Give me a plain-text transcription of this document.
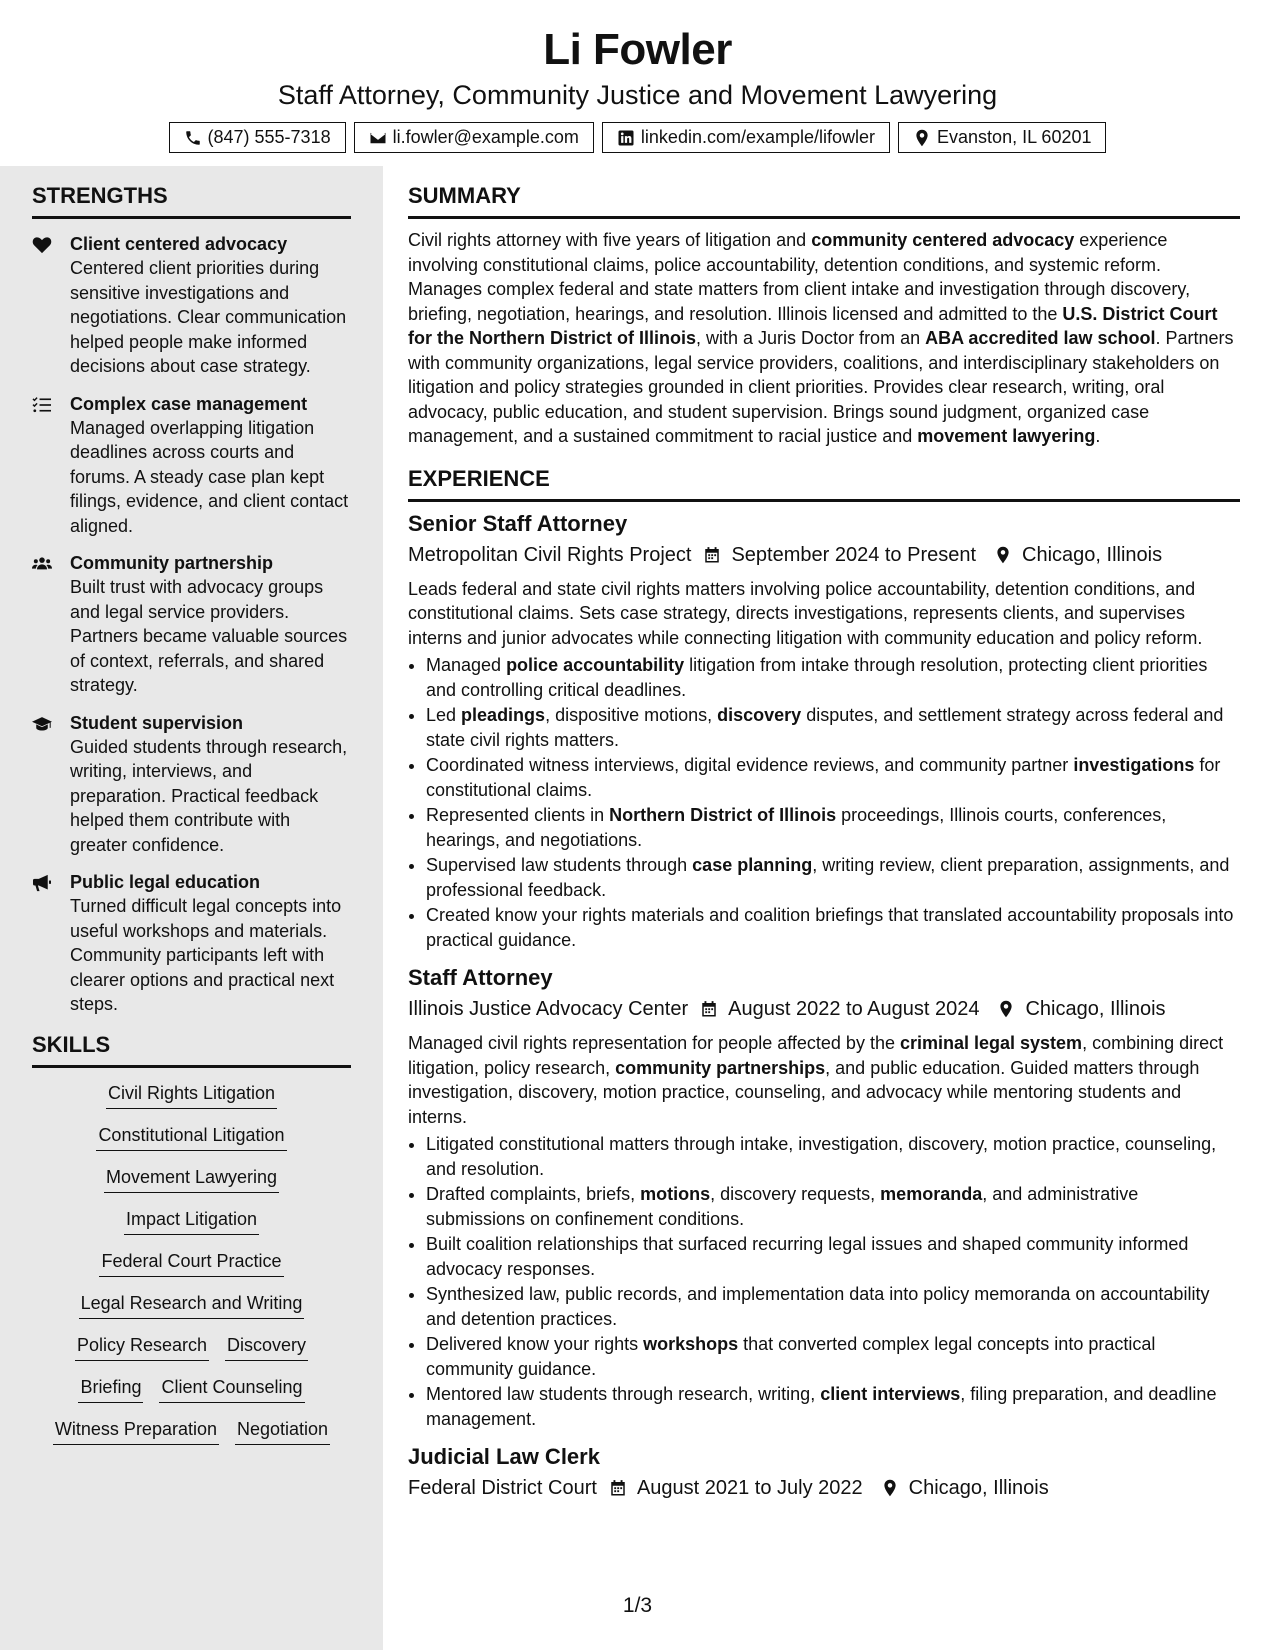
Li Fowler
Staff Attorney, Community Justice and Movement Lawyering
(847) 555-7318	li.fowler@example.com	linkedin.com/example/lifowler	Evanston, IL 60201
STRENGTHS
Client centered advocacy
Centered client priorities during sensitive investigations and negotiations. Clear communication helped people make informed decisions about case strategy.
Complex case management
Managed overlapping litigation deadlines across courts and forums. A steady case plan kept filings, evidence, and client contact aligned.
Community partnership
Built trust with advocacy groups and legal service providers. Partners became valuable sources of context, referrals, and shared strategy.
Student supervision
Guided students through research, writing, interviews, and preparation. Practical feedback helped them contribute with greater confidence.
Public legal education
Turned difficult legal concepts into useful workshops and materials. Community participants left with clearer options and practical next steps.
SKILLS
Civil Rights Litigation
Constitutional Litigation
Movement Lawyering
Impact Litigation
Federal Court Practice
Legal Research and Writing
Policy Research Discovery
Briefing Client Counseling
Witness Preparation Negotiation
SUMMARY

Civil rights attorney with five years of litigation and community centered advocacy experience involving constitutional claims, police accountability, detention conditions, and systemic reform. Manages complex federal and state matters from client intake and investigation through discovery, briefing, negotiation, hearings, and resolution. Illinois licensed and admitted to the U.S. District Court for the Northern District of Illinois, with a Juris Doctor from an ABA accredited law school. Partners with community organizations, legal service providers, coalitions, and interdisciplinary stakeholders on litigation and policy strategies grounded in client priorities. Provides clear research, writing, oral advocacy, public education, and student supervision. Brings sound judgment, organized case management, and a sustained commitment to racial justice and movement lawyering.

EXPERIENCE
Senior Staff Attorney
Metropolitan Civil Rights Project September 2024 to Present Chicago, Illinois

Leads federal and state civil rights matters involving police accountability, detention conditions, and constitutional claims. Sets case strategy, directs investigations, represents clients, and supervises interns and junior advocates while connecting litigation with community education and policy reform.

• Managed police accountability litigation from intake through resolution, protecting client priorities and controlling critical deadlines.
• Led pleadings, dispositive motions, discovery disputes, and settlement strategy across federal and state civil rights matters.
• Coordinated witness interviews, digital evidence reviews, and community partner investigations for constitutional claims.
• Represented clients in Northern District of Illinois proceedings, Illinois courts, conferences, hearings, and negotiations.
• Supervised law students through case planning, writing review, client preparation, assignments, and professional feedback.
• Created know your rights materials and coalition briefings that translated accountability proposals into practical guidance.
Staff Attorney
Illinois Justice Advocacy Center August 2022 to August 2024 Chicago, Illinois

Managed civil rights representation for people affected by the criminal legal system, combining direct litigation, policy research, community partnerships, and public education. Guided matters through investigation, discovery, motion practice, counseling, and advocacy while mentoring students and interns.

• Litigated constitutional matters through intake, investigation, discovery, motion practice, counseling, and resolution.
• Drafted complaints, briefs, motions, discovery requests, memoranda, and administrative submissions on confinement conditions.
• Built coalition relationships that surfaced recurring legal issues and shaped community informed advocacy responses.
• Synthesized law, public records, and implementation data into policy memoranda on accountability and detention practices.
• Delivered know your rights workshops that converted complex legal concepts into practical community guidance.
• Mentored law students through research, writing, client interviews, filing preparation, and deadline management.
Judicial Law Clerk
Federal District Court August 2021 to July 2022 Chicago, Illinois
1/3
